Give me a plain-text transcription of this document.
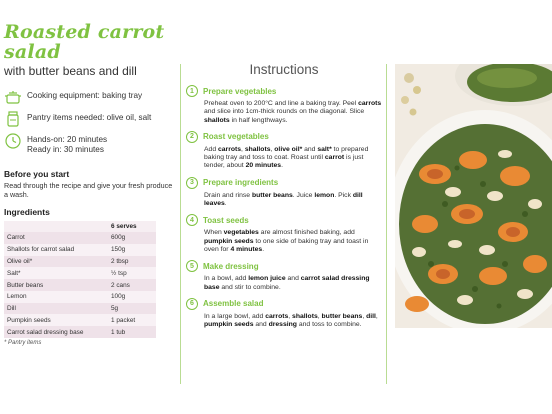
Roasted carrot salad
with butter beans and dill
Cooking equipment: baking tray
Pantry items needed: olive oil, salt
Hands-on: 20 minutes
Ready in: 30 minutes
Before you start
Read through the recipe and give your fresh produce a wash.
Ingredients
	6 serves
Carrot	600g
Shallots for carrot salad	150g
Olive oil*	2 tbsp
Salt*	½ tsp
Butter beans	2 cans
Lemon	100g
Dill	5g
Pumpkin seeds	1 packet
Carrot salad dressing base	1 tub
* Pantry items
Instructions
1	Prepare vegetables
Preheat oven to 200°C and line a baking tray. Peel carrots and slice into 1cm-thick rounds on the diagonal. Slice shallots in half lengthways.
2	Roast vegetables
Add carrots, shallots, olive oil* and salt* to prepared baking tray and toss to coat. Roast until carrot is just tender, about 20 minutes.
3	Prepare ingredients
Drain and rinse butter beans. Juice lemon. Pick dill leaves.
4	Toast seeds
When vegetables are almost finished baking, add pumpkin seeds to one side of baking tray and toast in oven for 4 minutes.
5	Make dressing
In a bowl, add lemon juice and carrot salad dressing base and stir to combine.
6	Assemble salad
In a large bowl, add carrots, shallots, butter beans, dill, pumpkin seeds and dressing and toss to combine.
